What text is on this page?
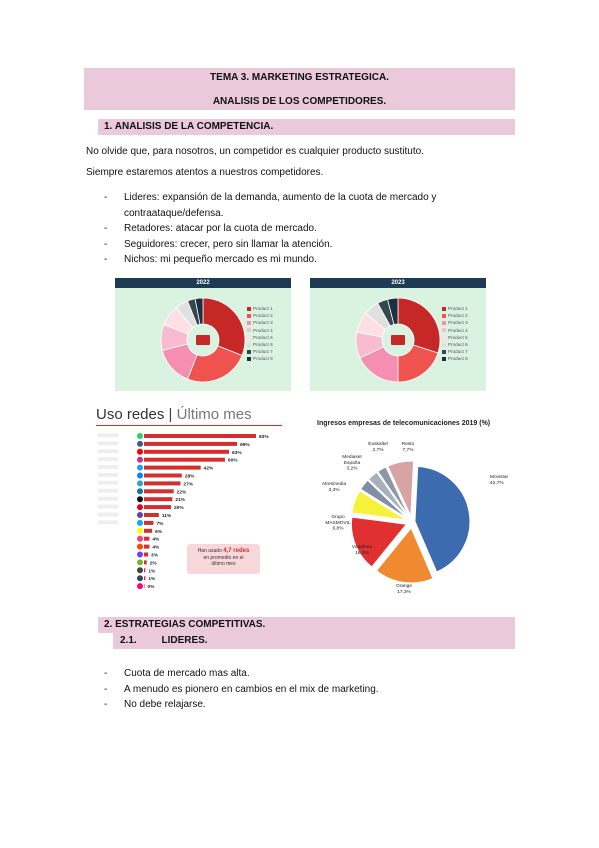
TEMA 3. MARKETING ESTRATEGICA.
ANALISIS DE LOS COMPETIDORES.
1. ANALISIS DE LA COMPETENCIA.
No olvide que, para nosotros, un competidor es cualquier producto sustituto.
Siempre estaremos atentos a nuestros competidores.
- Lideres: expansión de la demanda, aumento de la cuota de mercado y
contraataque/defensa.
- Retadores: atacar por la cuota de mercado.
- Seguidores: crecer, pero sin llamar la atención.
- Nichos: mi pequeño mercado es mi mundo.
2022
Product 1
Product 2
Product 3
Product 4
Product 5
Product 6
Product 7
Product 8
2023
Product 1
Product 2
Product 3
Product 4
Product 5
Product 6
Product 7
Product 8
Uso redes | Último mes
83%
69%
63%
60%
42%
28%
27%
22%
21%
20%
11%
7%
6%
4%
4%
3%
2%
1%
1%
0%
Han usado 4,7 redes
en promedio en el
último mes
Ingresos empresas de telecomunicaciones 2019 (%)
Movistar
42,7%
Orange
17,3%
Vodafone
16,2%
Grupo
MASMOVIL
6,8%
Atresmedia
3,3%
Mediaset
España
3,2%
Euskaltel
2,7%
Resto
7,7%
2. ESTRATEGIAS COMPETITIVAS.
2.1. LIDERES.
- Cuota de mercado mas alta.
- A menudo es pionero en cambios en el mix de marketing.
- No debe relajarse.
